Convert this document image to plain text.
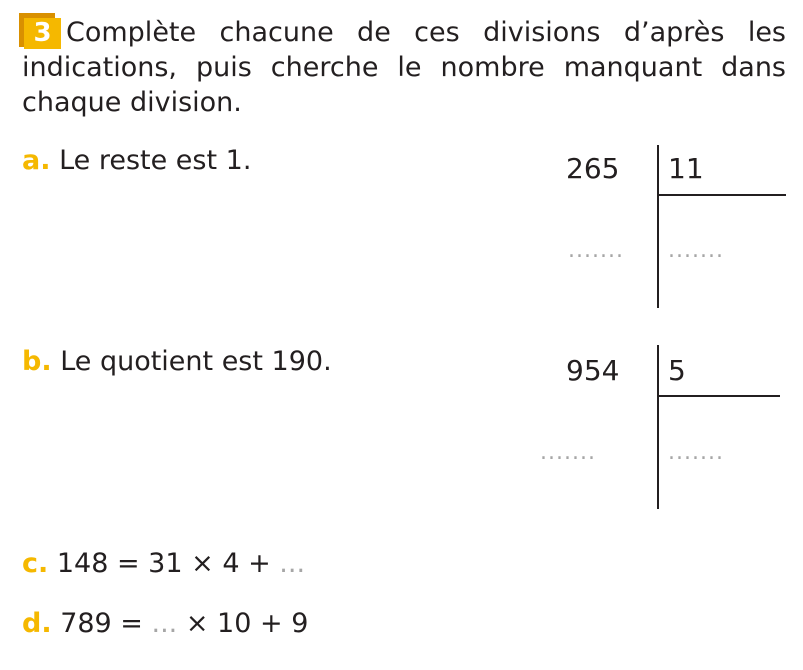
3 Complète chacune de ces divisions d’après les indications, puis cherche le nombre manquant dans chaque division.
a. Le reste est 1.	265 11
....... .......
b. Le quotient est 190.	954 5
.......	.......
c. 148 = 31 × 4 + ...
d. 789 = ... × 10 + 9
